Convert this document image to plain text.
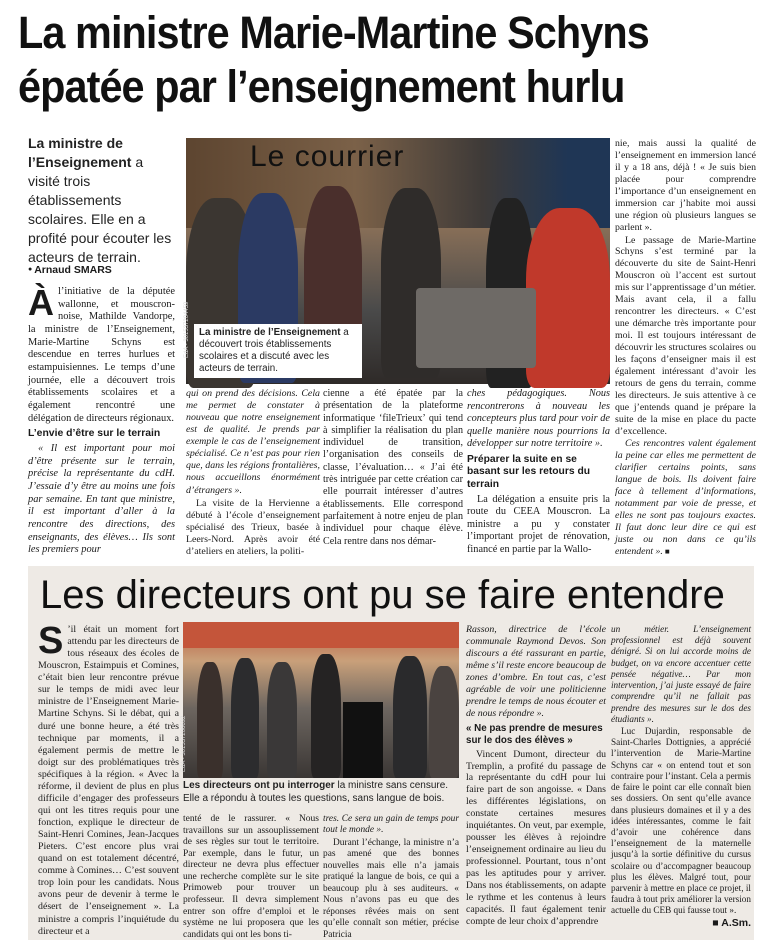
La ministre Marie-Martine Schyns
épatée par l’enseignement hurlu
La ministre de l’Enseignement a visité trois établissements scolaires. Elle en a profité pour écouter les acteurs de terrain.
● Arnaud SMARS

Àl’initiative de la députée wallonne, et mouscron- noise, Mathilde Vandorpe, la ministre de l’Enseignement, Marie-Martine Schyns est descendue en terres hurlues et estampuisiennes. Le temps d’une journée, elle a découvert trois établissements scolaires et a également rencontré une délégation de directeurs régionaux.

L’envie d’être sur le terrain

« Il est important pour moi d’être présente sur le terrain, précise la représentante du cdH. J’essaie d’y être au moins une fois par semaine. En tant que ministre, il est important d’aller à la rencontre des directions, des enseignants, des élèves… Ils sont les premiers pour

Le courrier
La ministre de l’Enseignement a découvert trois établissements scolaires et a discuté avec les acteurs de terrain.
EdA - 301537204459

qui on prend des décisions. Cela me permet de constater à nouveau que notre enseignement est de qualité. Je prends par exemple le cas de l’enseignement spécialisé. Ce n’est pas pour rien que, dans les régions frontalières, nous accueillons énormément d’étrangers ».

La visite de la Hervienne a débuté à l’école d’enseignement spécialisé des Trieux, basée à Leers-Nord. Après avoir été d’ateliers en ateliers, la politi-

cienne a été épatée par la présentation de la plateforme informatique ‘fileTrieux’ qui tend à simplifier la réalisation du plan individuel de transition, l’organisation des conseils de classe, l’évaluation… « J’ai été très intriguée par cette création car elle pourrait intéresser d’autres établissements. Elle correspond parfaitement à notre enjeu de plan individuel pour chaque élève. Cela rentre dans nos démar-

ches pédagogiques. Nous rencontrerons à nouveau les concepteurs plus tard pour voir de quelle manière nous pourrions la développer sur notre territoire ».

Préparer la suite en se basant sur les retours du terrain

La délégation a ensuite pris la route du CEEA Mouscron. La ministre a pu y constater l’important projet de rénovation, financé en partie par la Wallo-

nie, mais aussi la qualité de l’enseignement en immersion lancé il y a 18 ans, déjà ! « Je suis bien placée pour comprendre l’importance d’un enseignement en immersion car j’habite moi aussi une région où plusieurs langues se parlent ».

Le passage de Marie-Martine Schyns s’est terminé par la découverte du site de Saint-Henri Mouscron où l’accent est surtout mis sur l’apprentissage d’un métier. Mais avant cela, il a fallu rencontrer les directeurs. « C’est une démarche très importante pour moi. Il est toujours intéressant de découvrir les structures scolaires ou les façons d’enseigner mais il est également intéressant d’avoir les retours de gens du terrain, comme les directeurs. Je suis attentive à ce que j’entends quand je prépare la suite de la mise en place du pacte d’excellence.

Ces rencontres valent également la peine car elles me permettent de clarifier certains points, sans langue de bois. Ils doivent faire face à tellement d’informations, notamment par voie de presse, et elles ne sont pas toujours exactes. Il faut donc leur dire ce qui est juste ou non dans ce qu’ils entendent ». ■

Les directeurs ont pu se faire entendre

S ’il était un moment fort attendu par les directeurs de tous réseaux des écoles de Mouscron, Estaimpuis et Comines, c’était bien leur rencontre prévue sur le temps de midi avec leur ministre de l’Enseignement Marie-Martine Schyns. Si le débat, qui a duré une bonne heure, a été très technique par moments, il a également permis de mettre le doigt sur des problématiques très spécifiques à la région. « Avec la réforme, il devient de plus en plus difficile d’engager des professeurs qui ont les titres requis pour une fonction, explique le directeur de Saint-Henri Comines, Jean-Jacques Pieters. C’est encore plus vrai quand on est totalement décentré, comme à Comines… C’est souvent trop loin pour les candidats. Nous avons peur de devenir à terme le désert de l’enseignement ». La ministre a compris l’inquiétude du directeur et a

EdA - 301537206692
Les directeurs ont pu interroger la ministre sans censure. Elle a répondu à toutes les questions, sans langue de bois.

tenté de le rassurer. « Nous travaillons sur un assouplissement de ses règles sur tout le territoire. Par exemple, dans le futur, un directeur ne devra plus effectuer une recherche complète sur le site Primoweb pour trouver un professeur. Il devra simplement entrer son offre d’emploi et le système ne lui proposera que les candidats qui ont les bons ti-

tres. Ce sera un gain de temps pour tout le monde ».

Durant l’échange, la ministre n’a pas amené que des bonnes nouvelles mais elle n’a jamais pratiqué la langue de bois, ce qui a beaucoup plu à ses auditeurs. « Nous n’avons pas eu que des réponses rêvées mais on sent qu’elle connaît son métier, précise Patricia

Rasson, directrice de l’école communale Raymond Devos. Son discours a été rassurant en partie, même s’il reste encore beaucoup de zones d’ombre. En tout cas, c’est agréable de voir une politicienne prendre le temps de nous écouter et de nous répondre ».

« Ne pas prendre de mesures sur le dos des élèves »

Vincent Dumont, directeur du Tremplin, a profité du passage de la représentante du cdH pour lui faire part de son angoisse. « Dans les différentes législations, on constate certaines mesures inquiétantes. On veut, par exemple, pousser les élèves à rejoindre l’enseignement ordinaire au lieu du professionnel. Pourtant, tous n’ont pas les aptitudes pour y arriver. Dans nos établissements, on adapte le rythme et les contenus à leurs capacités. Il faut également tenir compte de leur choix d’apprendre

un métier. L’enseignement professionnel est déjà souvent dénigré. Si on lui accorde moins de budget, on va encore accentuer cette pensée négative… Par mon intervention, j’ai juste essayé de faire comprendre qu’il ne fallait pas prendre des mesures sur le dos des étudiants ».

Luc Dujardin, responsable de Saint-Charles Dottignies, a apprécié l’intervention de Marie-Martine Schyns car « on entend tout et son contraire pour l’instant. Cela a permis de faire le point car elle connaît bien ses dossiers. On sent qu’elle avance dans plusieurs domaines et il y a des idées intéressantes, comme le fait d’avoir une cohérence dans l’enseignement de la maternelle jusqu’à la sortie définitive du cursus scolaire ou d’accompagner beaucoup plus les élèves. Malgré tout, pour parvenir à mettre en place ce projet, il faudra à tout prix améliorer la version actuelle du CEB qui fausse tout ».

■ A.Sm.
